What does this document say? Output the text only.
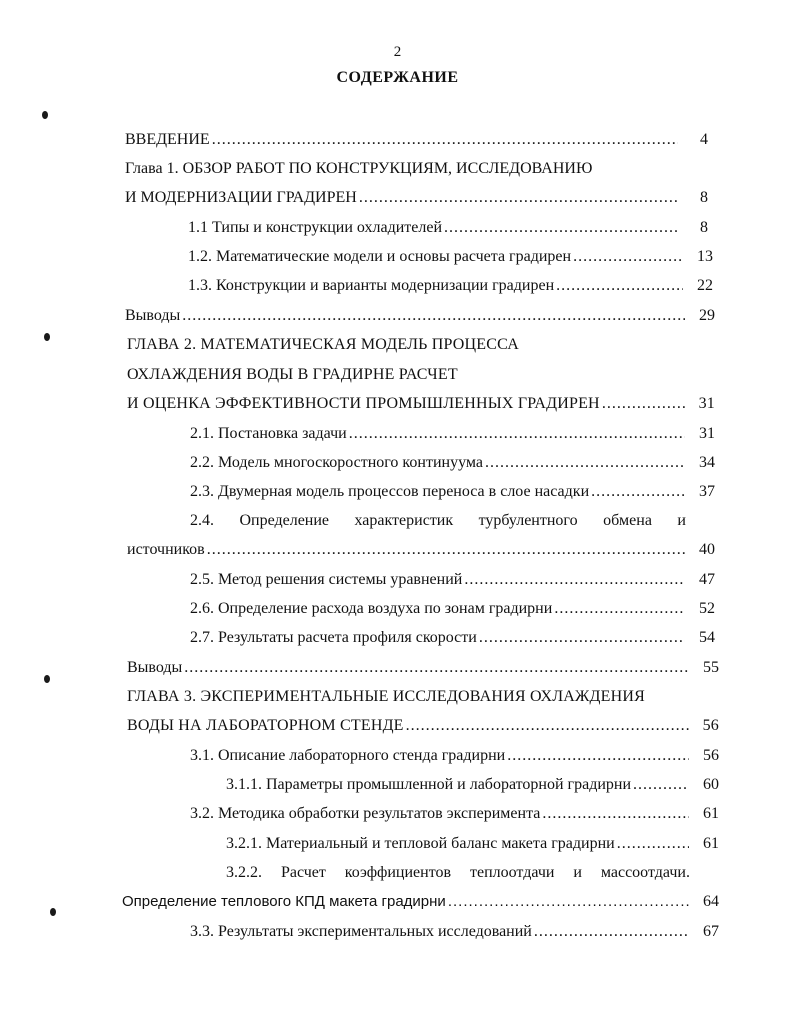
2
СОДЕРЖАНИЕ
ВВЕДЕНИЕ .....	4
Глава 1. ОБЗОР РАБОТ ПО КОНСТРУКЦИЯМ, ИССЛЕДОВАНИЮ
И МОДЕРНИЗАЦИИ ГРАДИРЕН .....	8
1.1 Типы и конструкции охладителей .....	8
1.2. Математические модели и основы расчета градирен .....	13
1.3. Конструкции и варианты модернизации градирен .....	22
Выводы .....	29
ГЛАВА 2. МАТЕМАТИЧЕСКАЯ МОДЕЛЬ ПРОЦЕССА
ОХЛАЖДЕНИЯ ВОДЫ В ГРАДИРНЕ РАСЧЕТ
И ОЦЕНКА ЭФФЕКТИВНОСТИ ПРОМЫШЛЕННЫХ ГРАДИРЕН .....	31
2.1. Постановка задачи .....	31
2.2. Модель многоскоростного континуума .....	34
2.3. Двумерная модель процессов переноса в слое насадки .....	37
2.4. Определение характеристик турбулентного обмена и
источников .....	40
2.5. Метод решения системы уравнений .....	47
2.6. Определение расхода воздуха по зонам градирни .....	52
2.7. Результаты расчета профиля скорости .....	54
Выводы .....	55
ГЛАВА 3. ЭКСПЕРИМЕНТАЛЬНЫЕ ИССЛЕДОВАНИЯ ОХЛАЖДЕНИЯ
ВОДЫ НА ЛАБОРАТОРНОМ СТЕНДЕ .....	56
3.1. Описание лабораторного стенда градирни .....	56
3.1.1. Параметры промышленной и лабораторной градирни .....	60
3.2. Методика обработки результатов эксперимента .....	61
3.2.1. Материальный и тепловой баланс макета градирни .....	61
3.2.2. Расчет коэффициентов теплоотдачи и массоотдачи.
Определение теплового КПД макета градирни .....	64
3.3. Результаты экспериментальных исследований .....	67
